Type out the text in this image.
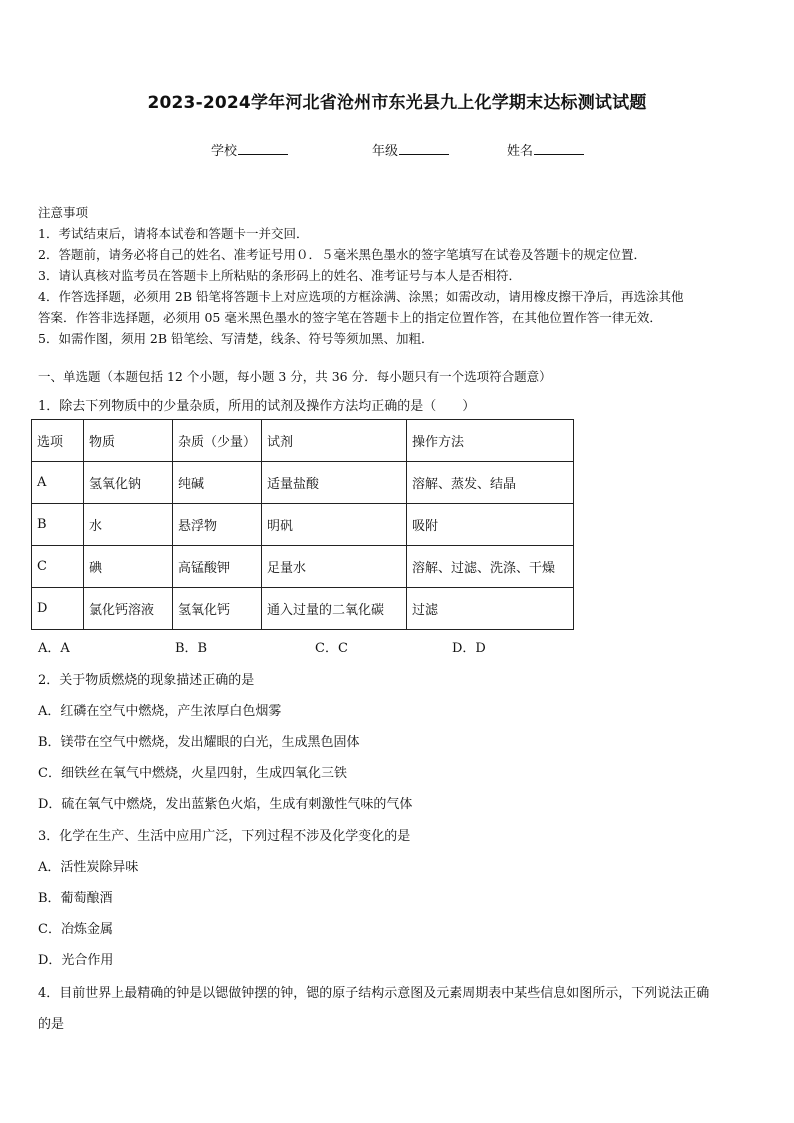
2023-2024学年河北省沧州市东光县九上化学期末达标测试试题
学校	年级	姓名
注意事项
1．考试结束后，请将本试卷和答题卡一并交回．
2．答题前，请务必将自己的姓名、准考证号用０．５毫米黑色墨水的签字笔填写在试卷及答题卡的规定位置．
3．请认真核对监考员在答题卡上所粘贴的条形码上的姓名、准考证号与本人是否相符．
4．作答选择题，必须用 2B 铅笔将答题卡上对应选项的方框涂满、涂黑；如需改动，请用橡皮擦干净后，再选涂其他
答案．作答非选择题，必须用 05 毫米黑色墨水的签字笔在答题卡上的指定位置作答，在其他位置作答一律无效．
5．如需作图，须用 2B 铅笔绘、写清楚，线条、符号等须加黑、加粗．
一、单选题（本题包括 12 个小题，每小题 3 分，共 36 分．每小题只有一个选项符合题意）
1．除去下列物质中的少量杂质，所用的试剂及操作方法均正确的是（　　）
选项	物质	杂质（少量）	试剂	操作方法
A	氢氧化钠	纯碱	适量盐酸	溶解、蒸发、结晶
B	水	悬浮物	明矾	吸附
C	碘	高锰酸钾	足量水	溶解、过滤、洗涤、干燥
D	氯化钙溶液	氢氧化钙	通入过量的二氧化碳	过滤
A．A	B．B	C．C	D．D
2．关于物质燃烧的现象描述正确的是
A．红磷在空气中燃烧，产生浓厚白色烟雾
B．镁带在空气中燃烧，发出耀眼的白光，生成黑色固体
C．细铁丝在氧气中燃烧，火星四射，生成四氧化三铁
D．硫在氧气中燃烧，发出蓝紫色火焰，生成有刺激性气味的气体
3．化学在生产、生活中应用广泛，下列过程不涉及化学变化的是
A．活性炭除异味
B．葡萄酿酒
C．冶炼金属
D．光合作用
4．目前世界上最精确的钟是以锶做钟摆的钟，锶的原子结构示意图及元素周期表中某些信息如图所示，下列说法正确
的是
